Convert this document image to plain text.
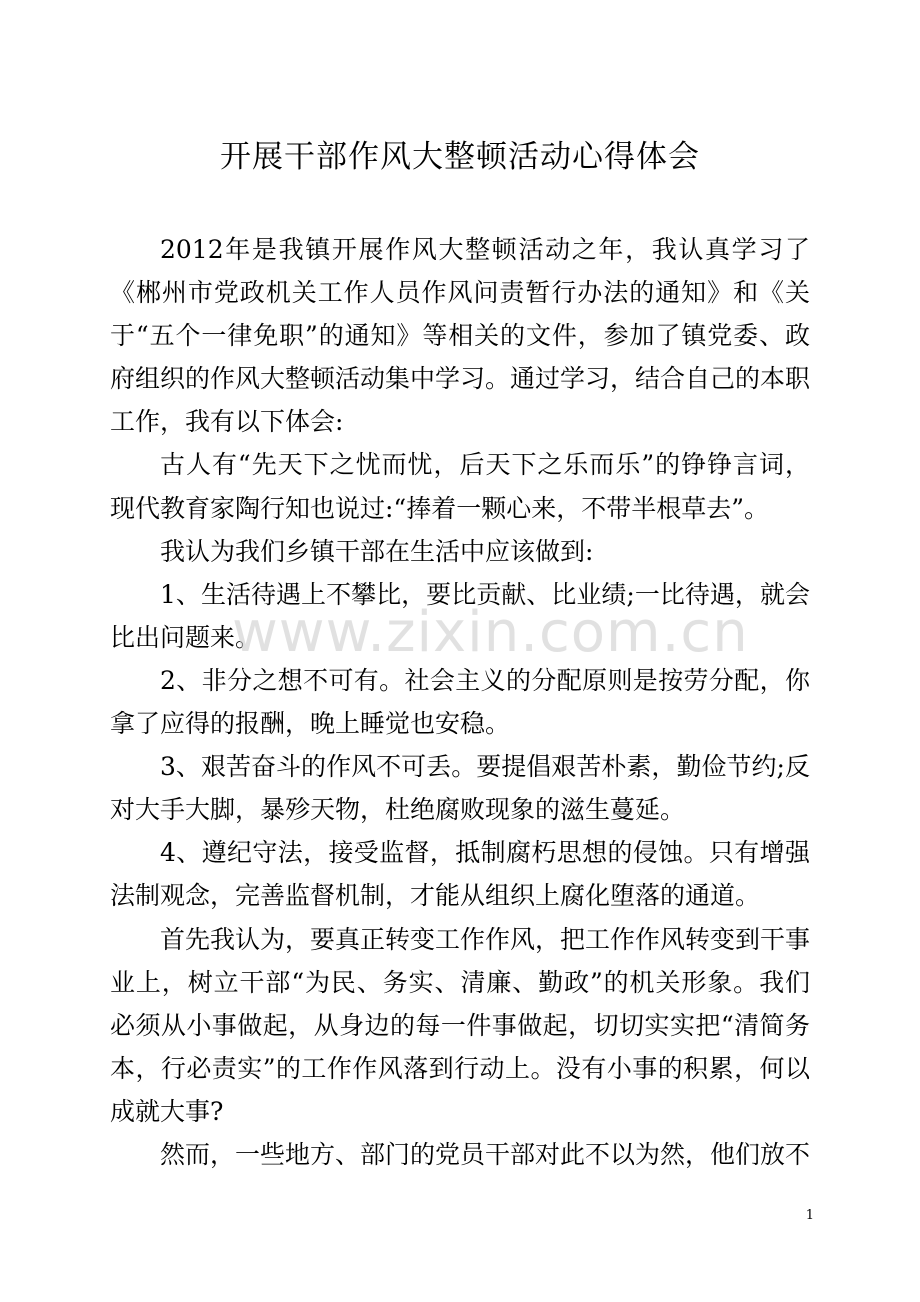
开展干部作风大整顿活动心得体会

2012年是我镇开展作风大整顿活动之年，我认真学习了《郴州市党政机关工作人员作风问责暂行办法的通知》和《关于“五个一律免职”的通知》等相关的文件，参加了镇党委、政府组织的作风大整顿活动集中学习。通过学习，结合自己的本职工作，我有以下体会:

古人有“先天下之忧而忧，后天下之乐而乐”的铮铮言词，现代教育家陶行知也说过:“捧着一颗心来，不带半根草去”。

我认为我们乡镇干部在生活中应该做到:

1、生活待遇上不攀比，要比贡献、比业绩;一比待遇，就会比出问题来。

2、非分之想不可有。社会主义的分配原则是按劳分配，你拿了应得的报酬，晚上睡觉也安稳。

3、艰苦奋斗的作风不可丢。要提倡艰苦朴素，勤俭节约;反对大手大脚，暴殄天物，杜绝腐败现象的滋生蔓延。

4、遵纪守法，接受监督，抵制腐朽思想的侵蚀。只有增强法制观念，完善监督机制，才能从组织上腐化堕落的通道。

首先我认为，要真正转变工作作风，把工作作风转变到干事业上，树立干部“为民、务实、清廉、勤政”的机关形象。我们必须从小事做起，从身边的每一件事做起，切切实实把“清简务本，行必责实”的工作作风落到行动上。没有小事的积累，何以成就大事?

然而，一些地方、部门的党员干部对此不以为然，他们放不

www.zixin.com.cn
1
